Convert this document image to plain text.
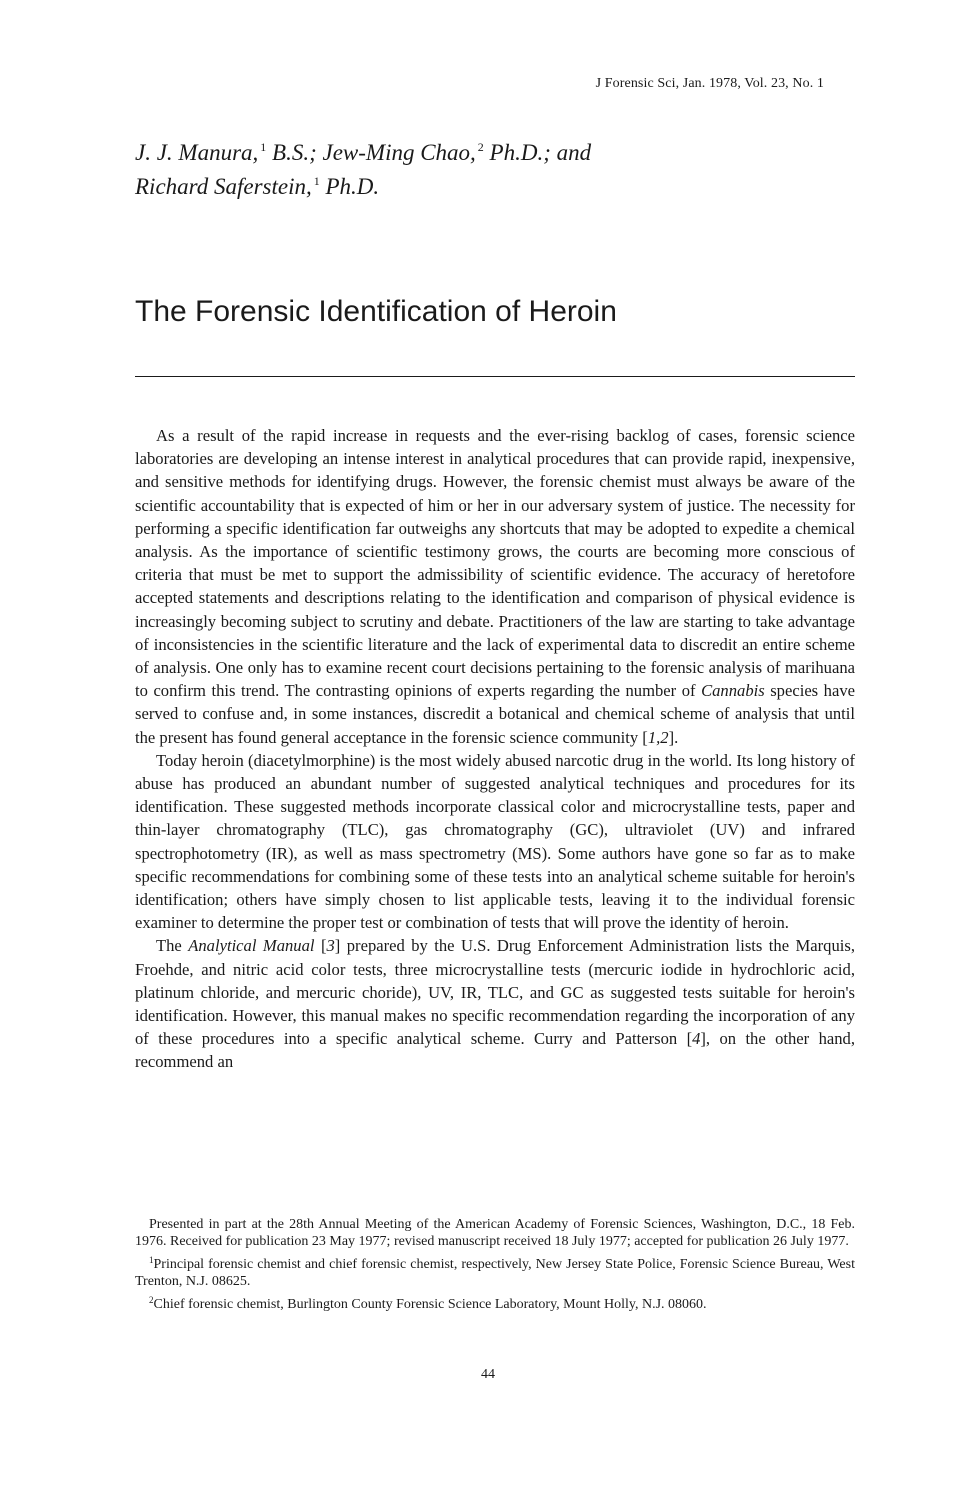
J Forensic Sci, Jan. 1978, Vol. 23, No. 1
J. J. Manura, $^1$ B.S.; Jew-Ming Chao, $^2$ Ph.D.; and
Richard Saferstein, $^1$ Ph.D.
The Forensic Identification of Heroin

As a result of the rapid increase in requests and the ever-rising backlog of cases, forensic science laboratories are developing an intense interest in analytical procedures that can provide rapid, inexpensive, and sensitive methods for identifying drugs. However, the forensic chemist must always be aware of the scientific accountability that is expected of him or her in our adversary system of justice. The necessity for performing a specific identification far outweighs any shortcuts that may be adopted to expedite a chemical analysis. As the importance of scientific testimony grows, the courts are becoming more conscious of criteria that must be met to support the admissibility of scientific evidence. The accuracy of heretofore accepted statements and descriptions relating to the identification and comparison of physical evidence is increasingly becoming subject to scrutiny and debate. Practitioners of the law are starting to take advantage of inconsistencies in the scientific literature and the lack of experimental data to discredit an entire scheme of analysis. One only has to examine recent court decisions pertaining to the forensic analysis of marihuana to confirm this trend. The contrasting opinions of experts regarding the number of Cannabis species have served to confuse and, in some instances, discredit a botanical and chemical scheme of analysis that until the present has found general acceptance in the forensic science community [1,2].

Today heroin (diacetylmorphine) is the most widely abused narcotic drug in the world. Its long history of abuse has produced an abundant number of suggested analytical techniques and procedures for its identification. These suggested methods incorporate classical color and microcrystalline tests, paper and thin-layer chromatography (TLC), gas chromatography (GC), ultraviolet (UV) and infrared spectrophotometry (IR), as well as mass spectrometry (MS). Some authors have gone so far as to make specific recommendations for combining some of these tests into an analytical scheme suitable for heroin's identification; others have simply chosen to list applicable tests, leaving it to the individual forensic examiner to determine the proper test or combination of tests that will prove the identity of heroin.

The Analytical Manual [3] prepared by the U.S. Drug Enforcement Administration lists the Marquis, Froehde, and nitric acid color tests, three microcrystalline tests (mercuric iodide in hydrochloric acid, platinum chloride, and mercuric choride), UV, IR, TLC, and GC as suggested tests suitable for heroin's identification. However, this manual makes no specific recommendation regarding the incorporation of any of these procedures into a specific analytical scheme. Curry and Patterson [4], on the other hand, recommend an

Presented in part at the 28th Annual Meeting of the American Academy of Forensic Sciences, Washington, D.C., 18 Feb. 1976. Received for publication 23 May 1977; revised manuscript received 18 July 1977; accepted for publication 26 July 1977.

$^1$Principal forensic chemist and chief forensic chemist, respectively, New Jersey State Police, Forensic Science Bureau, West Trenton, N.J. 08625.

$^2$Chief forensic chemist, Burlington County Forensic Science Laboratory, Mount Holly, N.J. 08060.

44
